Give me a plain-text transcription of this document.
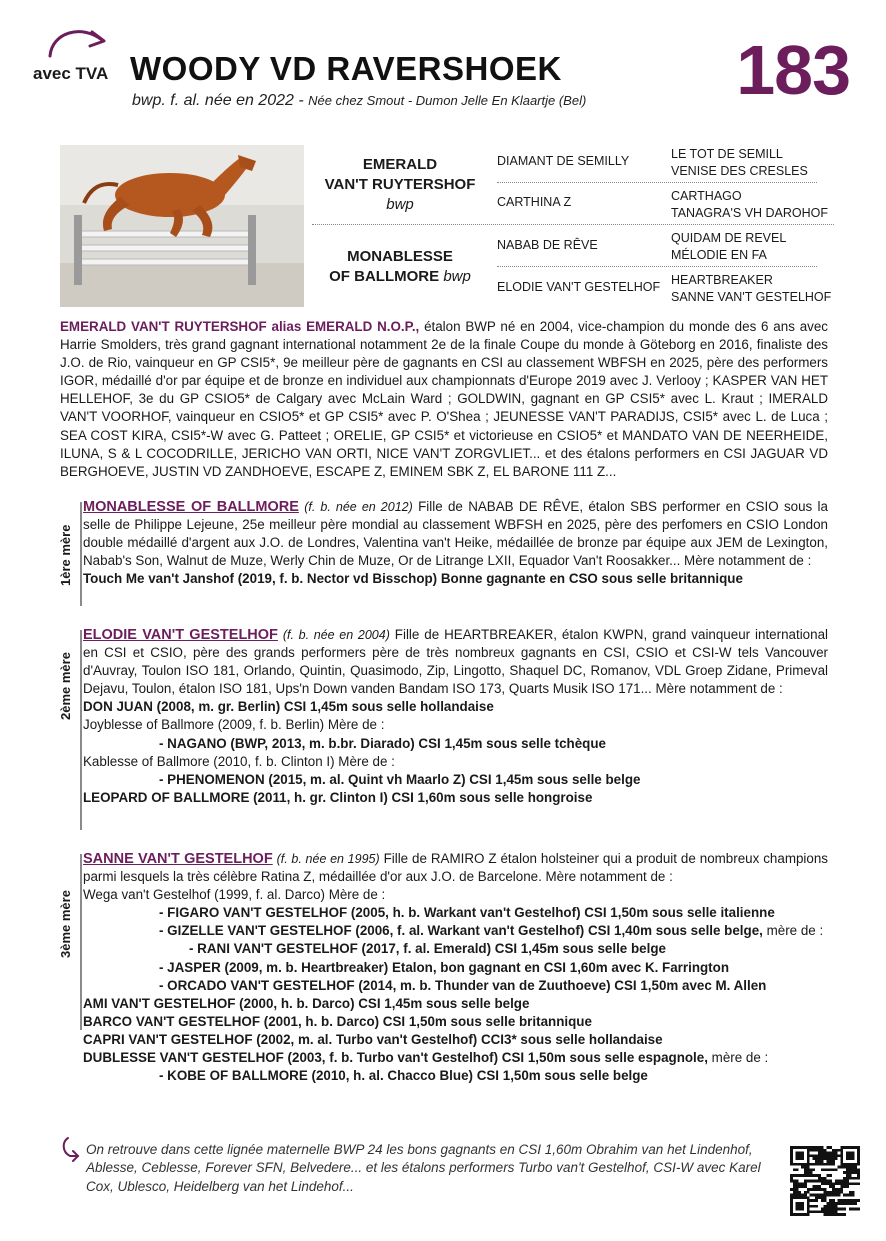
avec TVA WOODY VD RAVERSHOEK
bwp. f. al. née en 2022 - Née chez Smout - Dumon Jelle En Klaartje (Bel) 183
EMERALD
VAN'T RUYTERSHOF
bwp
MONABLESSE
OF BALLMORE bwp
DIAMANT DE SEMILLY
CARTHINA Z
NABAB DE RÊVE
ELODIE VAN'T GESTELHOF
LE TOT DE SEMILL
VENISE DES CRESLES
CARTHAGO
TANAGRA'S VH DAROHOF
QUIDAM DE REVEL
MÉLODIE EN FA
HEARTBREAKER
SANNE VAN'T GESTELHOF
EMERALD VAN'T RUYTERSHOF alias EMERALD N.O.P., étalon BWP né en 2004, vice-champion du monde des 6 ans avec Harrie Smolders, très grand gagnant international notamment 2e de la finale Coupe du monde à Göteborg en 2016, finaliste des J.O. de Rio, vainqueur en GP CSI5*, 9e meilleur père de gagnants en CSI au classement WBFSH en 2025, père des performers IGOR, médaillé d'or par équipe et de bronze en individuel aux championnats d'Europe 2019 avec J. Verlooy ; KASPER VAN HET HELLEHOF, 3e du GP CSIO5* de Calgary avec McLain Ward ; GOLDWIN, gagnant en GP CSI5* avec L. Kraut ; IMERALD VAN'T VOORHOF, vainqueur en CSIO5* et GP CSI5* avec P. O'Shea ; JEUNESSE VAN'T PARADIJS, CSI5* avec L. de Luca ; SEA COST KIRA, CSI5*-W avec G. Patteet ; ORELIE, GP CSI5* et victorieuse en CSIO5* et MANDATO VAN DE NEERHEIDE, ILUNA, S & L COCODRILLE, JERICHO VAN ORTI, NICE VAN'T ZORGVLIET... et des étalons performers en CSI JAGUAR VD BERGHOEVE, JUSTIN VD ZANDHOEVE, ESCAPE Z, EMINEM SBK Z, EL BARONE 111 Z...
1ère mère
MONABLESSE OF BALLMORE (f. b. née en 2012) Fille de NABAB DE RÊVE, étalon SBS performer en CSIO sous la selle de Philippe Lejeune, 25e meilleur père mondial au classement WBFSH en 2025, père des perfomers en CSIO London double médaillé d'argent aux J.O. de Londres, Valentina van't Heike, médaillée de bronze par équipe aux JEM de Lexington, Nabab's Son, Walnut de Muze, Werly Chin de Muze, Or de Litrange LXII, Equador Van't Roosakker... Mère notamment de :
Touch Me van't Janshof (2019, f. b. Nector vd Bisschop) Bonne gagnante en CSO sous selle britannique
2ème mère
ELODIE VAN'T GESTELHOF (f. b. née en 2004) Fille de HEARTBREAKER, étalon KWPN, grand vainqueur international en CSI et CSIO, père des grands performers père de très nombreux gagnants en CSI, CSIO et CSI-W tels Vancouver d'Auvray, Toulon ISO 181, Orlando, Quintin, Quasimodo, Zip, Lingotto, Shaquel DC, Romanov, VDL Groep Zidane, Primeval Dejavu, Toulon, étalon ISO 181, Ups'n Down vanden Bandam ISO 173, Quarts Musik ISO 171... Mère notamment de :
DON JUAN (2008, m. gr. Berlin) CSI 1,45m sous selle hollandaise
Joyblesse of Ballmore (2009, f. b. Berlin) Mère de :
- NAGANO (BWP, 2013, m. b.br. Diarado) CSI 1,45m sous selle tchèque
Kablesse of Ballmore (2010, f. b. Clinton I) Mère de :
- PHENOMENON (2015, m. al. Quint vh Maarlo Z) CSI 1,45m sous selle belge
LEOPARD OF BALLMORE (2011, h. gr. Clinton I) CSI 1,60m sous selle hongroise
3ème mère
SANNE VAN'T GESTELHOF (f. b. née en 1995) Fille de RAMIRO Z étalon holsteiner qui a produit de nombreux champions parmi lesquels la très célèbre Ratina Z, médaillée d'or aux J.O. de Barcelone. Mère notamment de :
Wega van't Gestelhof (1999, f. al. Darco) Mère de :
- FIGARO VAN'T GESTELHOF (2005, h. b. Warkant van't Gestelhof) CSI 1,50m sous selle italienne
- GIZELLE VAN'T GESTELHOF (2006, f. al. Warkant van't Gestelhof) CSI 1,40m sous selle belge, mère de :
- RANI VAN'T GESTELHOF (2017, f. al. Emerald) CSI 1,45m sous selle belge
- JASPER (2009, m. b. Heartbreaker) Etalon, bon gagnant en CSI 1,60m avec K. Farrington
- ORCADO VAN'T GESTELHOF (2014, m. b. Thunder van de Zuuthoeve) CSI 1,50m avec M. Allen
AMI VAN'T GESTELHOF (2000, h. b. Darco) CSI 1,45m sous selle belge
BARCO VAN'T GESTELHOF (2001, h. b. Darco) CSI 1,50m sous selle britannique
CAPRI VAN'T GESTELHOF (2002, m. al. Turbo van't Gestelhof) CCI3* sous selle hollandaise
DUBLESSE VAN'T GESTELHOF (2003, f. b. Turbo van't Gestelhof) CSI 1,50m sous selle espagnole, mère de :
- KOBE OF BALLMORE (2010, h. al. Chacco Blue) CSI 1,50m sous selle belge
On retrouve dans cette lignée maternelle BWP 24 les bons gagnants en CSI 1,60m Obrahim van het Lindenhof, Ablesse, Ceblesse, Forever SFN, Belvedere... et les étalons performers Turbo van't Gestelhof, CSI-W avec Karel Cox, Ublesco, Heidelberg van het Lindehof...
